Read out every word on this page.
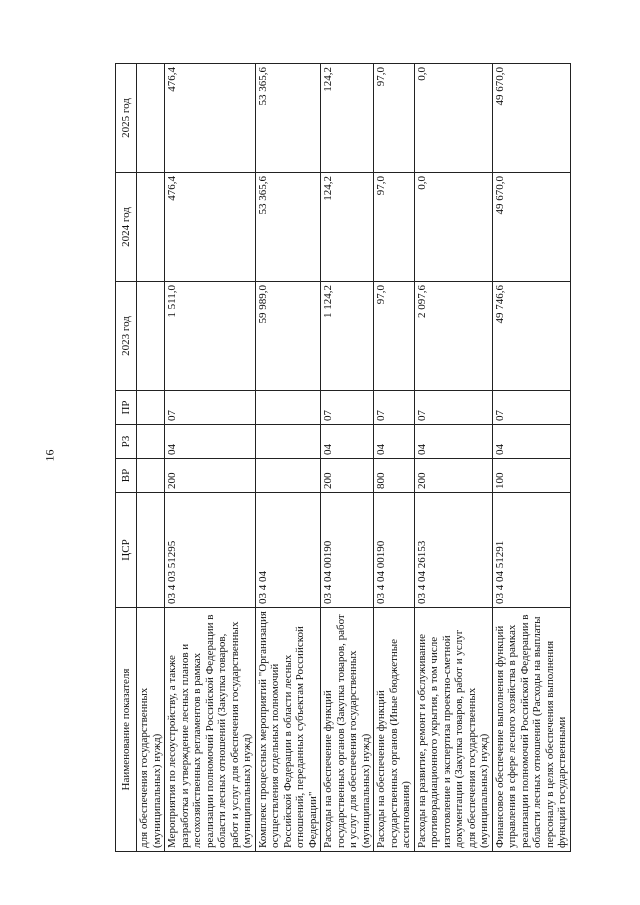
16
Наименование показателя	ЦСР	ВР	РЗ	ПР	2023 год	2024 год	2025 год
для обеспечения государственных (муниципальных) нужд)							
Мероприятия по лесоустройству, а также разработка и утверждение лесных планов и лесохозяйственных регламентов в рамках реализации полномочий Российской Федерации в области лесных отношений (Закупка товаров, работ и услуг для обеспечения государственных (муниципальных) нужд)	03 4 03 51295	200	04	07	1 511,0	476,4	476,4
Комплекс процессных мероприятий "Организация осуществления отдельных полномочий Российской Федерации в области лесных отношений, переданных субъектам Российской Федерации"	03 4 04				59 989,0	53 365,6	53 365,6
Расходы на обеспечение функций государственных органов (Закупка товаров, работ и услуг для обеспечения государственных (муниципальных) нужд)	03 4 04 00190	200	04	07	1 124,2	124,2	124,2
Расходы на обеспечение функций государственных органов (Иные бюджетные ассигнования)	03 4 04 00190	800	04	07	97,0	97,0	97,0
Расходы на развитие, ремонт и обслуживание противорадиационного укрытия, в том числе изготовление и экспертиза проектно-сметной документации (Закупка товаров, работ и услуг для обеспечения государственных (муниципальных) нужд)	03 4 04 26153	200	04	07	2 097,6	0,0	0,0
Финансовое обеспечение выполнения функций управления в сфере лесного хозяйства в рамках реализации полномочий Российской Федерации в области лесных отношений (Расходы на выплаты персоналу в целях обеспечения выполнения функций государственными	03 4 04 51291	100	04	07	49 746,6	49 670,0	49 670,0
